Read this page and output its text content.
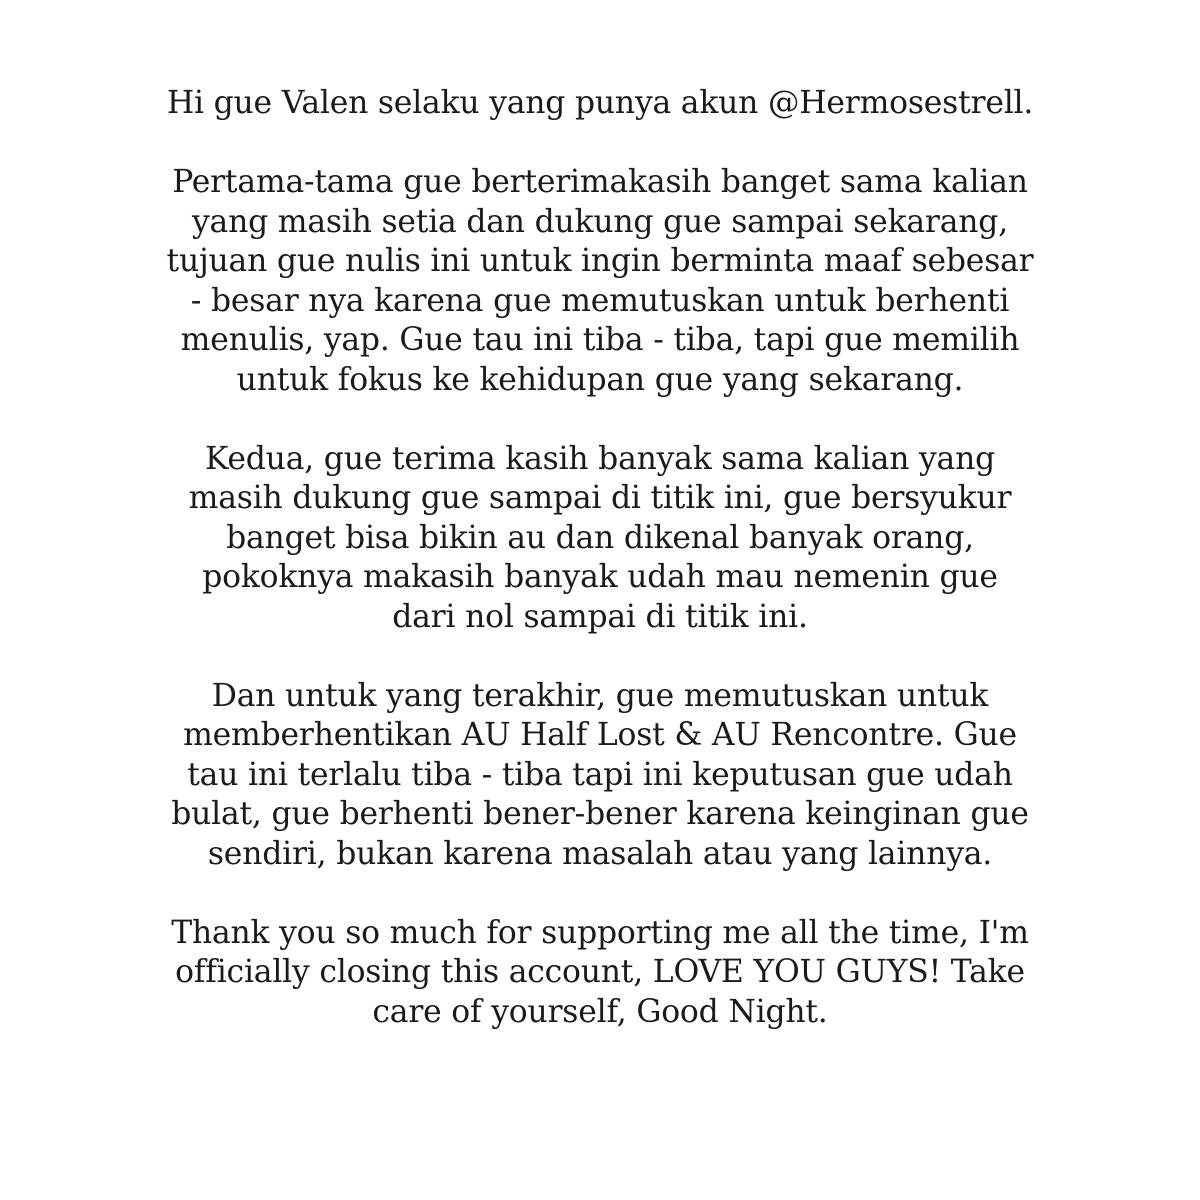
Hi gue Valen selaku yang punya akun @Hermosestrell.

Pertama-tama gue berterimakasih banget sama kalian
yang masih setia dan dukung gue sampai sekarang,
tujuan gue nulis ini untuk ingin berminta maaf sebesar
- besar nya karena gue memutuskan untuk berhenti
menulis, yap. Gue tau ini tiba - tiba, tapi gue memilih
untuk fokus ke kehidupan gue yang sekarang.

Kedua, gue terima kasih banyak sama kalian yang
masih dukung gue sampai di titik ini, gue bersyukur
banget bisa bikin au dan dikenal banyak orang,
pokoknya makasih banyak udah mau nemenin gue
dari nol sampai di titik ini.

Dan untuk yang terakhir, gue memutuskan untuk
memberhentikan AU Half Lost & AU Rencontre. Gue
tau ini terlalu tiba - tiba tapi ini keputusan gue udah
bulat, gue berhenti bener-bener karena keinginan gue
sendiri, bukan karena masalah atau yang lainnya.

Thank you so much for supporting me all the time, I'm
officially closing this account, LOVE YOU GUYS! Take
care of yourself, Good Night.
